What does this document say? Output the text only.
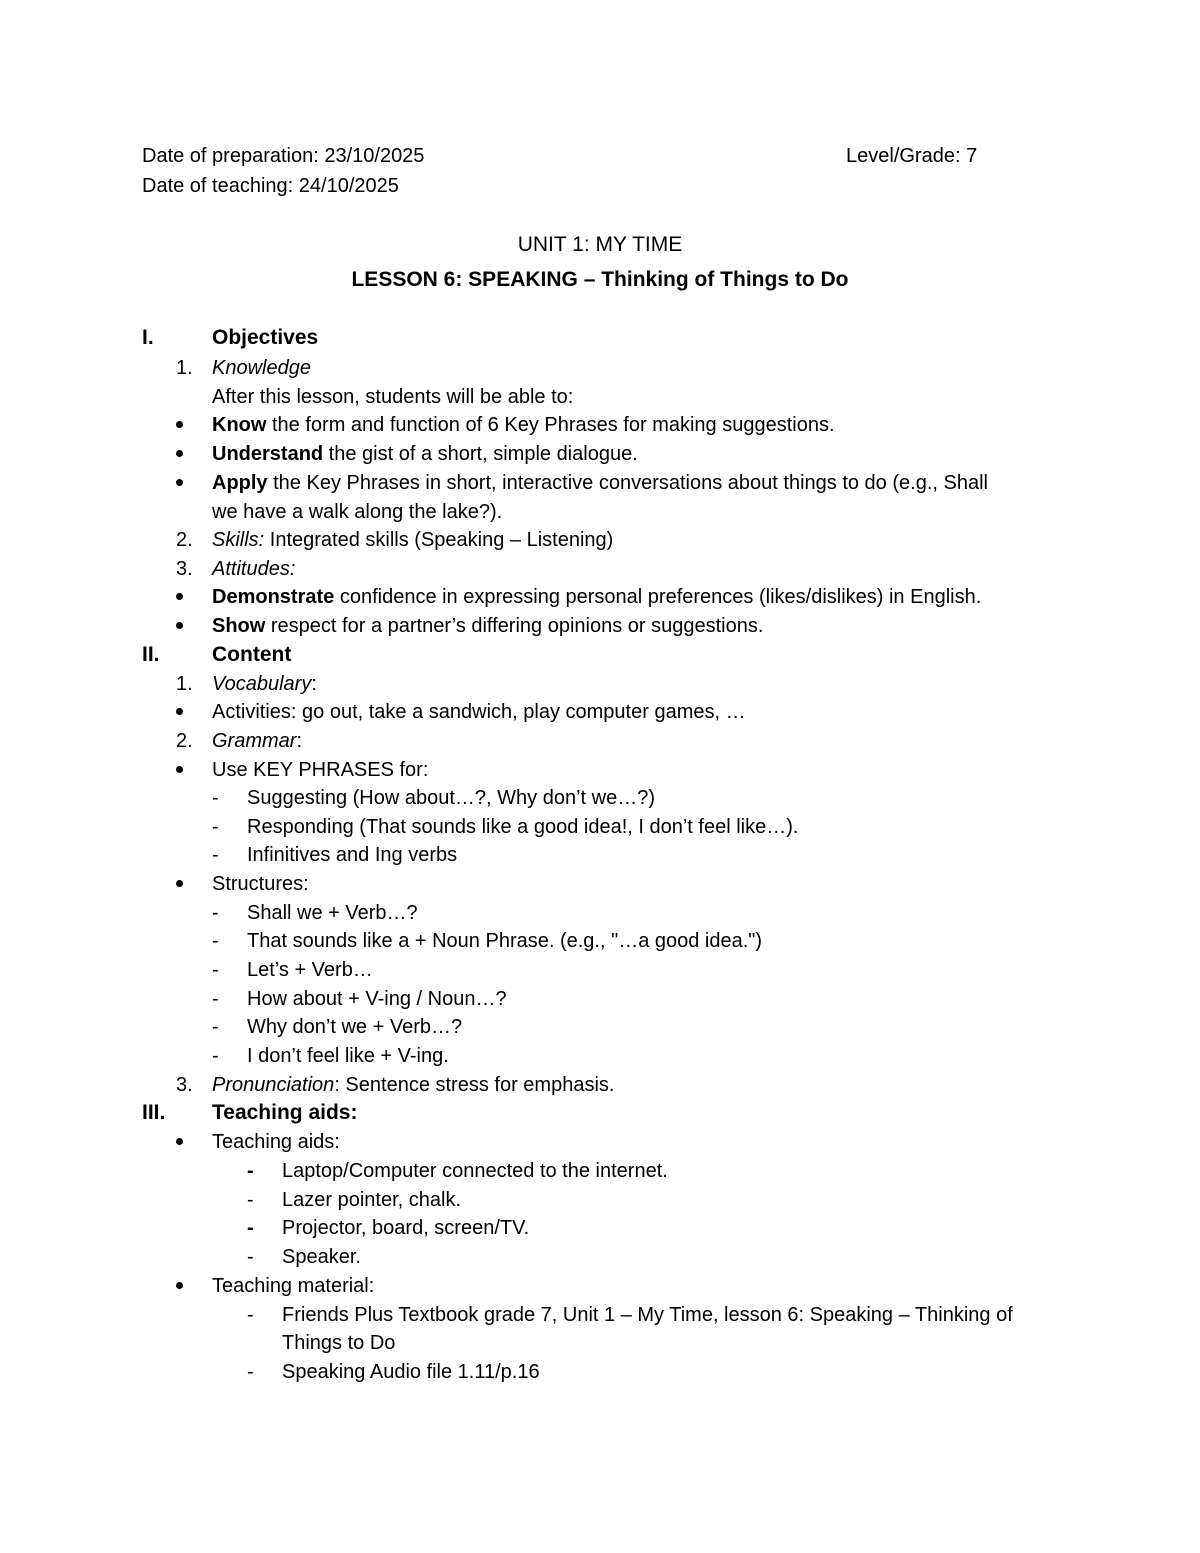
Date of preparation: 23/10/2025	Level/Grade: 7
Date of teaching: 24/10/2025
UNIT 1: MY TIME
LESSON 6: SPEAKING – Thinking of Things to Do
I.	Objectives
1. Knowledge
After this lesson, students will be able to:
Know the form and function of 6 Key Phrases for making suggestions.
Understand the gist of a short, simple dialogue.
Apply the Key Phrases in short, interactive conversations about things to do (e.g., Shall
we have a walk along the lake?).
2. Skills: Integrated skills (Speaking – Listening)
3. Attitudes:
Demonstrate confidence in expressing personal preferences (likes/dislikes) in English.
Show respect for a partner’s differing opinions or suggestions.
II. Content
1. Vocabulary:
Activities: go out, take a sandwich, play computer games, …
2. Grammar:
Use KEY PHRASES for:
- Suggesting (How about…?, Why don’t we…?)
- Responding (That sounds like a good idea!, I don’t feel like…).
- Infinitives and Ing verbs
Structures:
- Shall we + Verb…?
- That sounds like a + Noun Phrase. (e.g., "…a good idea.")
- Let’s + Verb…
- How about + V-ing / Noun…?
- Why don’t we + Verb…?
- I don’t feel like + V-ing.
3. Pronunciation: Sentence stress for emphasis.
III. Teaching aids:
Teaching aids:
- Laptop/Computer connected to the internet.
- Lazer pointer, chalk.
- Projector, board, screen/TV.
- Speaker.
Teaching material:
- Friends Plus Textbook grade 7, Unit 1 – My Time, lesson 6: Speaking – Thinking of
Things to Do
- Speaking Audio file 1.11/p.16
